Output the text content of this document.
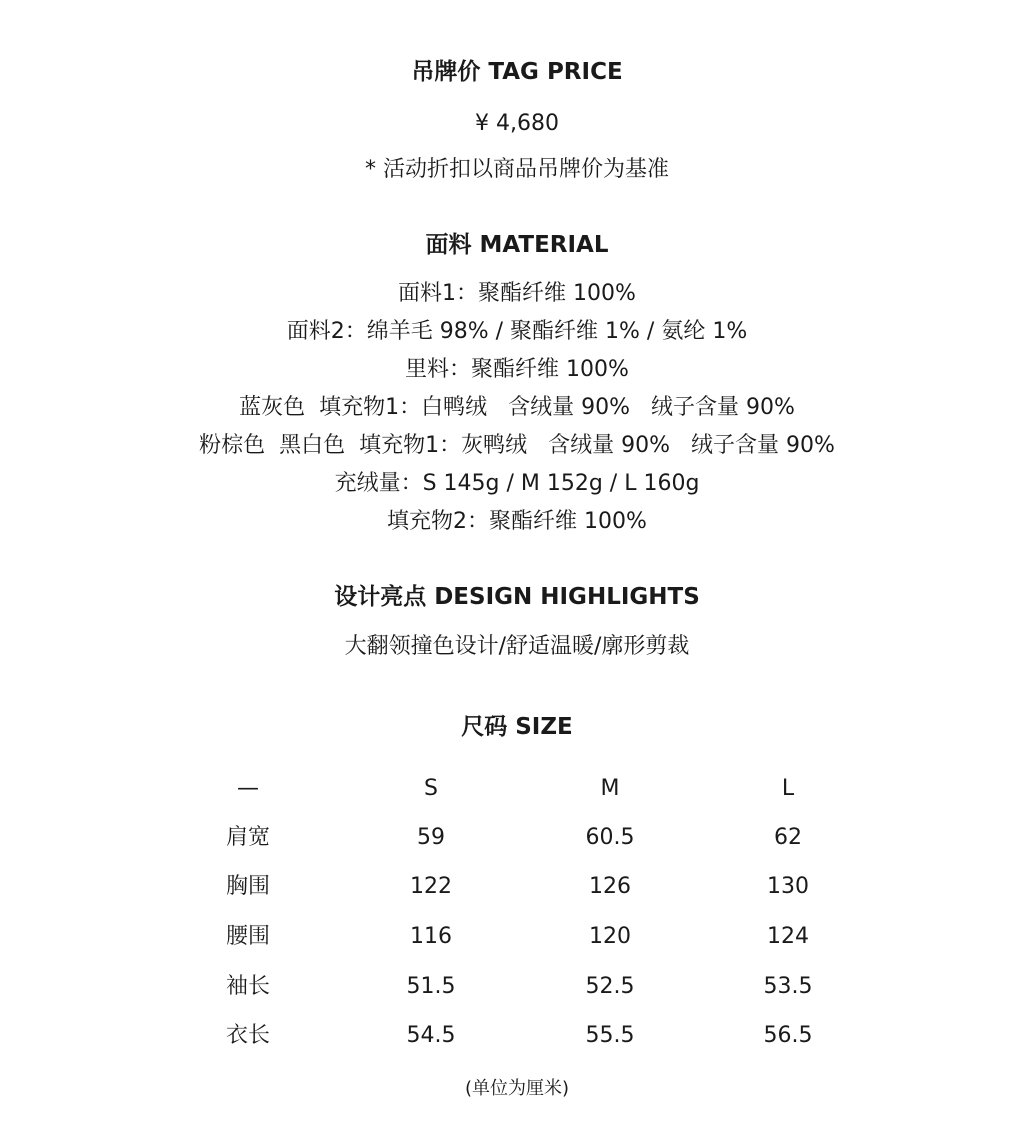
吊牌价 TAG PRICE
¥ 4,680
* 活动折扣以商品吊牌价为基准
面料 MATERIAL
面料1：聚酯纤维 100%
面料2：绵羊毛 98% / 聚酯纤维 1% / 氨纶 1%
里料：聚酯纤维 100%
蓝灰色  填充物1：白鸭绒   含绒量 90%   绒子含量 90%
粉棕色  黑白色  填充物1：灰鸭绒   含绒量 90%   绒子含量 90%
充绒量：S 145g / M 152g / L 160g
填充物2：聚酯纤维 100%
设计亮点 DESIGN HIGHLIGHTS
大翻领撞色设计/舒适温暖/廓形剪裁
尺码 SIZE
—	S	M	L
肩宽	59	60.5	62
胸围	122	126	130
腰围	116	120	124
袖长	51.5	52.5	53.5
衣长	54.5	55.5	56.5
(单位为厘米)
